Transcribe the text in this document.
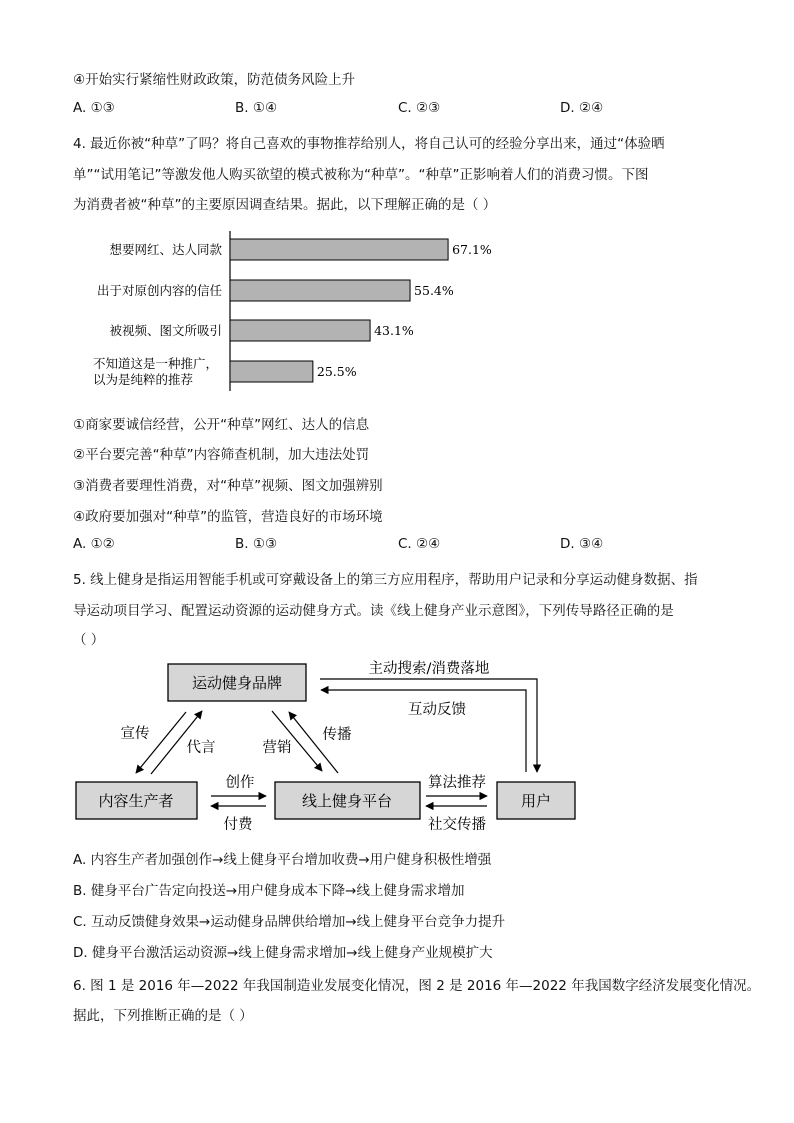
④开始实行紧缩性财政政策，防范债务风险上升
A. ①③	B. ①④	C. ②③	D. ②④
4. 最近你被“种草”了吗？将自己喜欢的事物推荐给别人，将自己认可的经验分享出来，通过“体验晒
单”“试用笔记”等激发他人购买欲望的模式被称为“种草”。“种草”正影响着人们的消费习惯。下图
为消费者被“种草”的主要原因调查结果。据此，以下理解正确的是（ ）
67.1%
想要网红、达人同款
55.4%
出于对原创内容的信任
43.1%
被视频、图文所吸引
25.5%
不知道这是一种推广，
以为是纯粹的推荐
①商家要诚信经营，公开“种草”网红、达人的信息
②平台要完善“种草”内容筛查机制，加大违法处罚
③消费者要理性消费，对“种草”视频、图文加强辨别
④政府要加强对“种草”的监管，营造良好的市场环境
A. ①②	B. ①③	C. ②④	D. ③④
5. 线上健身是指运用智能手机或可穿戴设备上的第三方应用程序，帮助用户记录和分享运动健身数据、指
导运动项目学习、配置运动资源的运动健身方式。读《线上健身产业示意图》，下列传导路径正确的是
（ ）
运动健身品牌
内容生产者	线上健身平台	用户
主动搜索/消费落地
互动反馈
宣传
代言	营销
传播
创作
付费
算法推荐
社交传播
A. 内容生产者加强创作→线上健身平台增加收费→用户健身积极性增强
B. 健身平台广告定向投送→用户健身成本下降→线上健身需求增加
C. 互动反馈健身效果→运动健身品牌供给增加→线上健身平台竞争力提升
D. 健身平台激活运动资源→线上健身需求增加→线上健身产业规模扩大
6. 图 1 是 2016 年—2022 年我国制造业发展变化情况，图 2 是 2016 年—2022 年我国数字经济发展变化情况。
据此，下列推断正确的是（ ）
